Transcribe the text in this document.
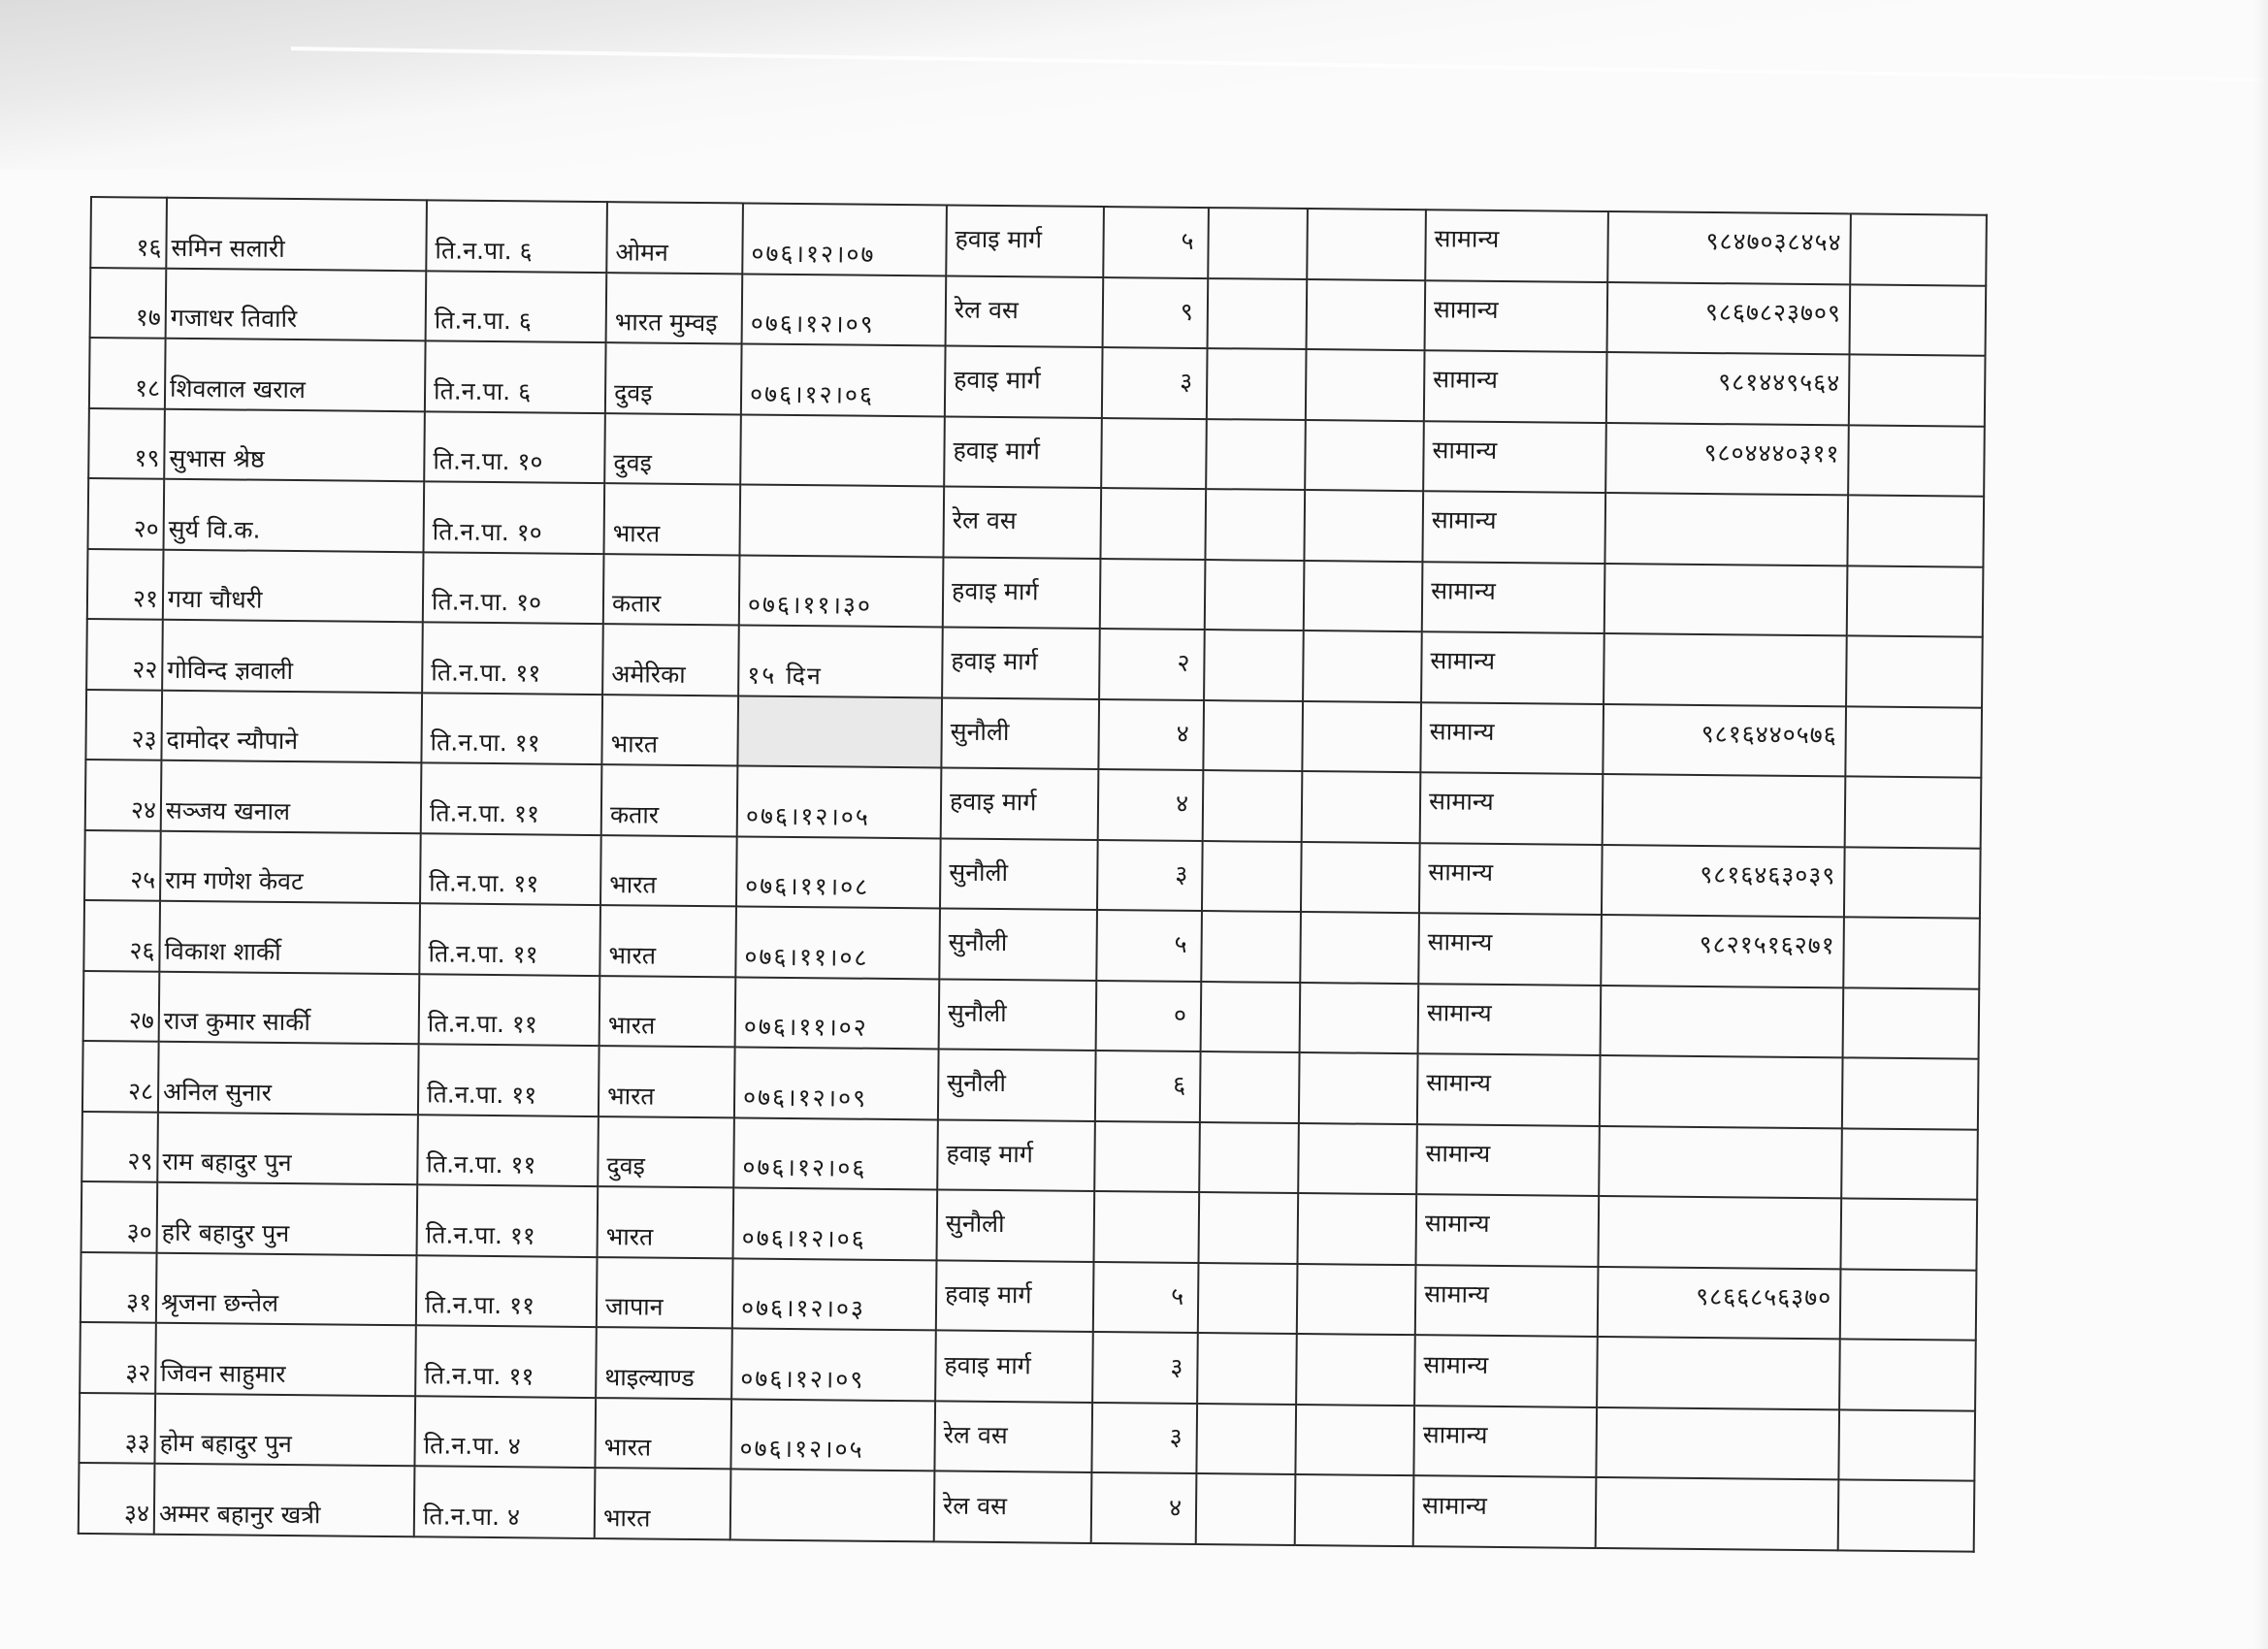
१६	समिन सलारी	ति.न.पा. ६	ओमन	०७६।१२।०७	हवाइ मार्ग	५			सामान्य	९८४७०३८४५४	
१७	गजाधर तिवारि	ति.न.पा. ६	भारत मुम्वइ	०७६।१२।०९	रेल वस	९			सामान्य	९८६७८२३७०९	
१८	शिवलाल खराल	ति.न.पा. ६	दुवइ	०७६।१२।०६	हवाइ मार्ग	३			सामान्य	९८१४४९५६४	
१९	सुभास श्रेष्ठ	ति.न.पा. १०	दुवइ		हवाइ मार्ग				सामान्य	९८०४४४०३११	
२०	सुर्य वि.क.	ति.न.पा. १०	भारत		रेल वस				सामान्य		
२१	गया चौधरी	ति.न.पा. १०	कतार	०७६।११।३०	हवाइ मार्ग				सामान्य		
२२	गोविन्द ज्ञवाली	ति.न.पा. ११	अमेरिका	१५ दिन	हवाइ मार्ग	२			सामान्य		
२३	दामोदर न्यौपाने	ति.न.पा. ११	भारत		सुनौली	४			सामान्य	९८१६४४०५७६	
२४	सञ्जय खनाल	ति.न.पा. ११	कतार	०७६।१२।०५	हवाइ मार्ग	४			सामान्य		
२५	राम गणेश केवट	ति.न.पा. ११	भारत	०७६।११।०८	सुनौली	३			सामान्य	९८१६४६३०३९	
२६	विकाश शार्की	ति.न.पा. ११	भारत	०७६।११।०८	सुनौली	५			सामान्य	९८२१५१६२७१	
२७	राज कुमार सार्की	ति.न.पा. ११	भारत	०७६।११।०२	सुनौली	०			सामान्य		
२८	अनिल सुनार	ति.न.पा. ११	भारत	०७६।१२।०९	सुनौली	६			सामान्य		
२९	राम बहादुर पुन	ति.न.पा. ११	दुवइ	०७६।१२।०६	हवाइ मार्ग				सामान्य		
३०	हरि बहादुर पुन	ति.न.पा. ११	भारत	०७६।१२।०६	सुनौली				सामान्य		
३१	श्रृजना छन्तेल	ति.न.पा. ११	जापान	०७६।१२।०३	हवाइ मार्ग	५			सामान्य	९८६६८५६३७०	
३२	जिवन साहुमार	ति.न.पा. ११	थाइल्याण्ड	०७६।१२।०९	हवाइ मार्ग	३			सामान्य		
३३	होम बहादुर पुन	ति.न.पा. ४	भारत	०७६।१२।०५	रेल वस	३			सामान्य		
३४	अम्मर बहानुर खत्री	ति.न.पा. ४	भारत		रेल वस	४			सामान्य		
